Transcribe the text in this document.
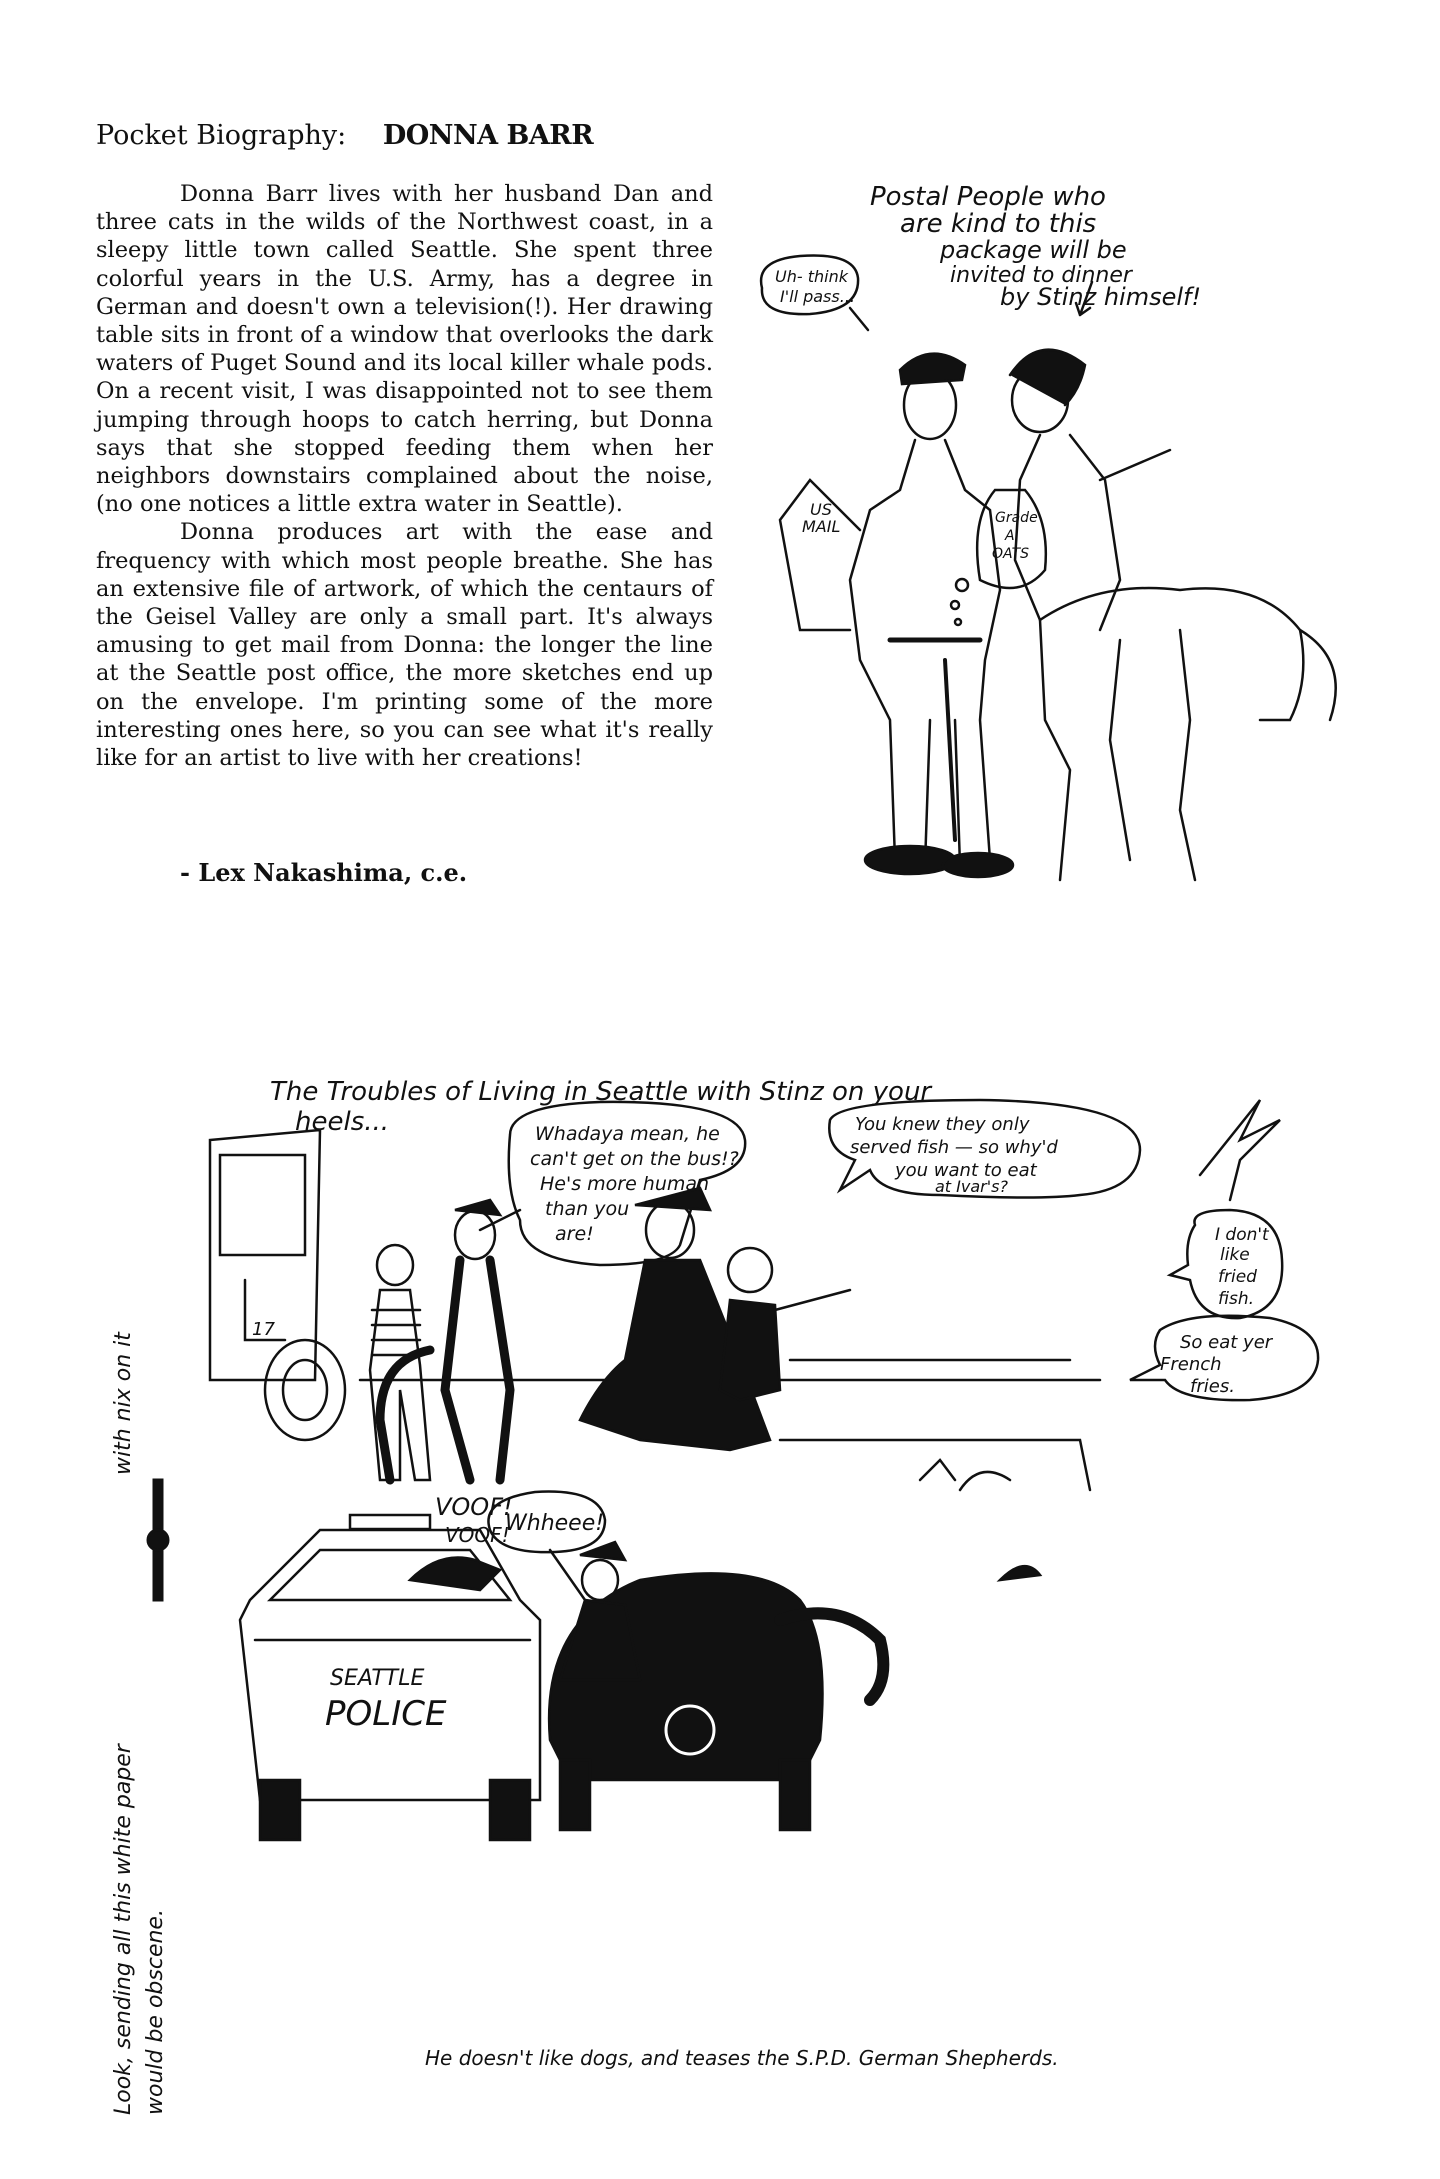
Pocket Biography: DONNA BARR

Donna Barr lives with her husband Dan and three cats in the wilds of the Northwest coast, in a sleepy little town called Seattle. She spent three colorful years in the U.S. Army, has a degree in German and doesn't own a television(!). Her drawing table sits in front of a window that overlooks the dark waters of Puget Sound and its local killer whale pods. On a recent visit, I was disappointed not to see them jumping through hoops to catch herring, but Donna says that she stopped feeding them when her neighbors downstairs complained about the noise, (no one notices a little extra water in Seattle).

Donna produces art with the ease and frequency with which most people breathe. She has an extensive file of artwork, of which the centaurs of the Geisel Valley are only a small part. It's always amusing to get mail from Donna: the longer the line at the Seattle post office, the more sketches end up on the envelope. I'm printing some of the more interesting ones here, so you can see what it's really like for an artist to live with her creations!

- Lex Nakashima, c.e.
Uh- think
I'll pass...
Postal People who
are kind to this
package will be
invited to dinner
by Stinz himself!
US
MAIL	Grade
A
OATS
The Troubles of Living in Seattle with Stinz on your
heels...	Whadaya mean, he
can't get on the bus!?
He's more human
than you
are!
You knew they only
served fish — so why'd
you want to eat
at Ivar's?
I don't
like
fried
fish.
So eat yer
French
fries.
17
VOOF!
VOOF!
Whheee!
SEATTLE
POLICE
He doesn't like dogs, and teases the S.P.D. German Shepherds.
Look, sending all this white paper
with nix on it
would be obscene.
